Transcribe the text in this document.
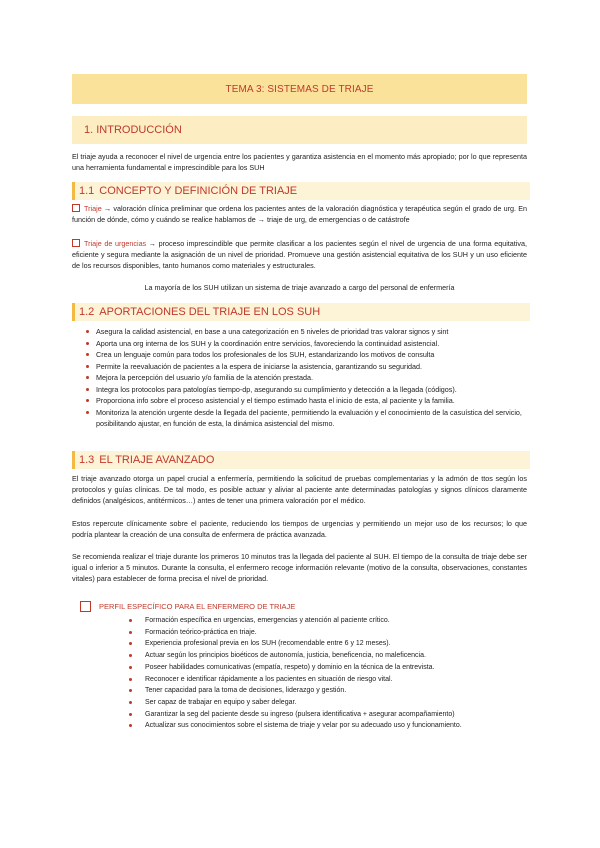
TEMA 3: SISTEMAS DE TRIAJE
1. INTRODUCCIÓN
El triaje ayuda a reconocer el nivel de urgencia entre los pacientes y garantiza asistencia en el momento más apropiado; por lo que representa una herramienta fundamental e imprescindible para los SUH
1.1 CONCEPTO Y DEFINICIÓN DE TRIAJE
Triaje → valoración clínica preliminar que ordena los pacientes antes de la valoración diagnóstica y terapéutica según el grado de urg. En función de dónde, cómo y cuándo se realice hablamos de → triaje de urg, de emergencias o de catástrofe
Triaje de urgencias → proceso imprescindible que permite clasificar a los pacientes según el nivel de urgencia de una forma equitativa, eficiente y segura mediante la asignación de un nivel de prioridad. Promueve una gestión asistencial equitativa de los SUH y un uso eficiente de los recursos disponibles, tanto humanos como materiales y estructurales.
La mayoría de los SUH utilizan un sistema de triaje avanzado a cargo del personal de enfermería
1.2 APORTACIONES DEL TRIAJE EN LOS SUH
Asegura la calidad asistencial, en base a una categorización en 5 niveles de prioridad tras valorar signos y sint
Aporta una org interna de los SUH y la coordinación entre servicios, favoreciendo la continuidad asistencial.
Crea un lenguaje común para todos los profesionales de los SUH, estandarizando los motivos de consulta
Permite la reevaluación de pacientes a la espera de iniciarse la asistencia, garantizando su seguridad.
Mejora la percepción del usuario y/o familia de la atención prestada.
Integra los protocolos para patologías tiempo-dp, asegurando su cumplimiento y detección a la llegada (códigos).
Proporciona info sobre el proceso asistencial y el tiempo estimado hasta el inicio de esta, al paciente y la familia.
Monitoriza la atención urgente desde la llegada del paciente, permitiendo la evaluación y el conocimiento de la casuística del servicio, posibilitando ajustar, en función de esta, la dinámica asistencial del mismo.
1.3 EL TRIAJE AVANZADO
El triaje avanzado otorga un papel crucial a enfermería, permitiendo la solicitud de pruebas complementarias y la admón de ttos según los protocolos y guías clínicas. De tal modo, es posible actuar y aliviar al paciente ante determinadas patologías y signos clínicos claramente definidos (analgésicos, antitérmicos…) antes de tener una primera valoración por el médico.
Estos repercute clínicamente sobre el paciente, reduciendo los tiempos de urgencias y permitiendo un mejor uso de los recursos; lo que podría plantear la creación de una consulta de enfermera de práctica avanzada.
Se recomienda realizar el triaje durante los primeros 10 minutos tras la llegada del paciente al SUH. El tiempo de la consulta de triaje debe ser igual o inferior a 5 minutos. Durante la consulta, el enfermero recoge información relevante (motivo de la consulta, observaciones, constantes vitales) para establecer de forma precisa el nivel de prioridad.
PERFIL ESPECÍFICO PARA EL ENFERMERO DE TRIAJE
Formación específica en urgencias, emergencias y atención al paciente crítico.
Formación teórico-práctica en triaje.
Experiencia profesional previa en los SUH (recomendable entre 6 y 12 meses).
Actuar según los principios bioéticos de autonomía, justicia, beneficencia, no maleficencia.
Poseer habilidades comunicativas (empatía, respeto) y dominio en la técnica de la entrevista.
Reconocer e identificar rápidamente a los pacientes en situación de riesgo vital.
Tener capacidad para la toma de decisiones, liderazgo y gestión.
Ser capaz de trabajar en equipo y saber delegar.
Garantizar la seg del paciente desde su ingreso (pulsera identificativa + asegurar acompañamiento)
Actualizar sus conocimientos sobre el sistema de triaje y velar por su adecuado uso y funcionamiento.
